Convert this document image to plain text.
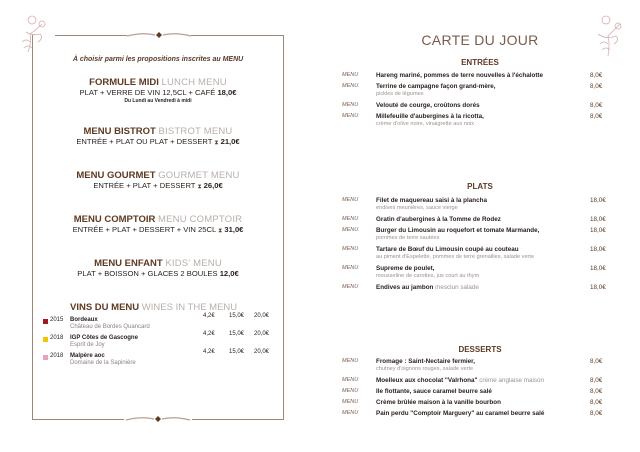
À choisir parmi les propositions inscrites au MENU
FORMULE MIDI LUNCH MENU
PLAT + VERRE DE VIN 12,5CL + CAFÉ 18,0€
Du Lundi au Vendredi à midi
MENU BISTROT BISTROT MENU
ENTRÉE + PLAT OU PLAT + DESSERT ⧗ 21,0€
MENU GOURMET GOURMET MENU
ENTRÉE + PLAT + DESSERT ⧗ 26,0€
MENU COMPTOIR MENU COMPTOIR
ENTRÉE + PLAT + DESSERT + VIN 25CL ⧗ 31,0€
MENU ENFANT KIDS' MENU
PLAT + BOISSON + GLACES 2 BOULES 12,0€
VINS DU MENU WINES IN THE MENU
2015 Bordeaux
Château de Bordes Quancard
4,2€ 15,0€ 20,0€
2018 IGP Côtes de Gascogne
Esprit de Joy
4,2€ 15,0€ 20,0€
2018 Malpère aoc
Domaine de la Sapinière
4,2€ 15,0€ 20,0€
CARTE DU JOUR
ENTRÉES
MENU	Hareng mariné, pommes de terre nouvelles à l'échalotte	8,0€
MENU	Terrine de campagne façon grand-mère,
pickles de légumes
8,0€
MENU	Velouté de courge, croûtons dorés	8,0€
MENU	Millefeuille d'aubergines à la ricotta,
crème d'olive noire, vinaigrette aux noix
8,0€
PLATS
MENU	Filet de maquereau saisi à la plancha
endives meunières, sauce vierge
18,0€
MENU	Gratin d'aubergines à la Tomme de Rodez	18,0€
MENU	Burger du Limousin au roquefort et tomate Marmande,
pommes de terre sautées
18,0€
MENU	Tartare de Bœuf du Limousin coupé au couteau
au piment d'Espelette, pommes de terre grenailles, salade verte
18,0€
MENU	Supreme de poulet,
mousseline de carottes, jus court au thym
18,0€
MENU	Endives au jambon mesclun salade	18,0€
DESSERTS
MENU	Fromage : Saint-Nectaire fermier,
chutney d'oignons rouges, salade verte
8,0€
MENU	Moelleux aux chocolat "Valrhona" crème anglaise maison	8,0€
MENU	Ile flottante, sauce caramel beurre salé	8,0€
MENU	Crème brûlée maison à la vanille bourbon	8,0€
MENU	Pain perdu "Comptoir Marguery" au caramel beurre salé	8,0€
